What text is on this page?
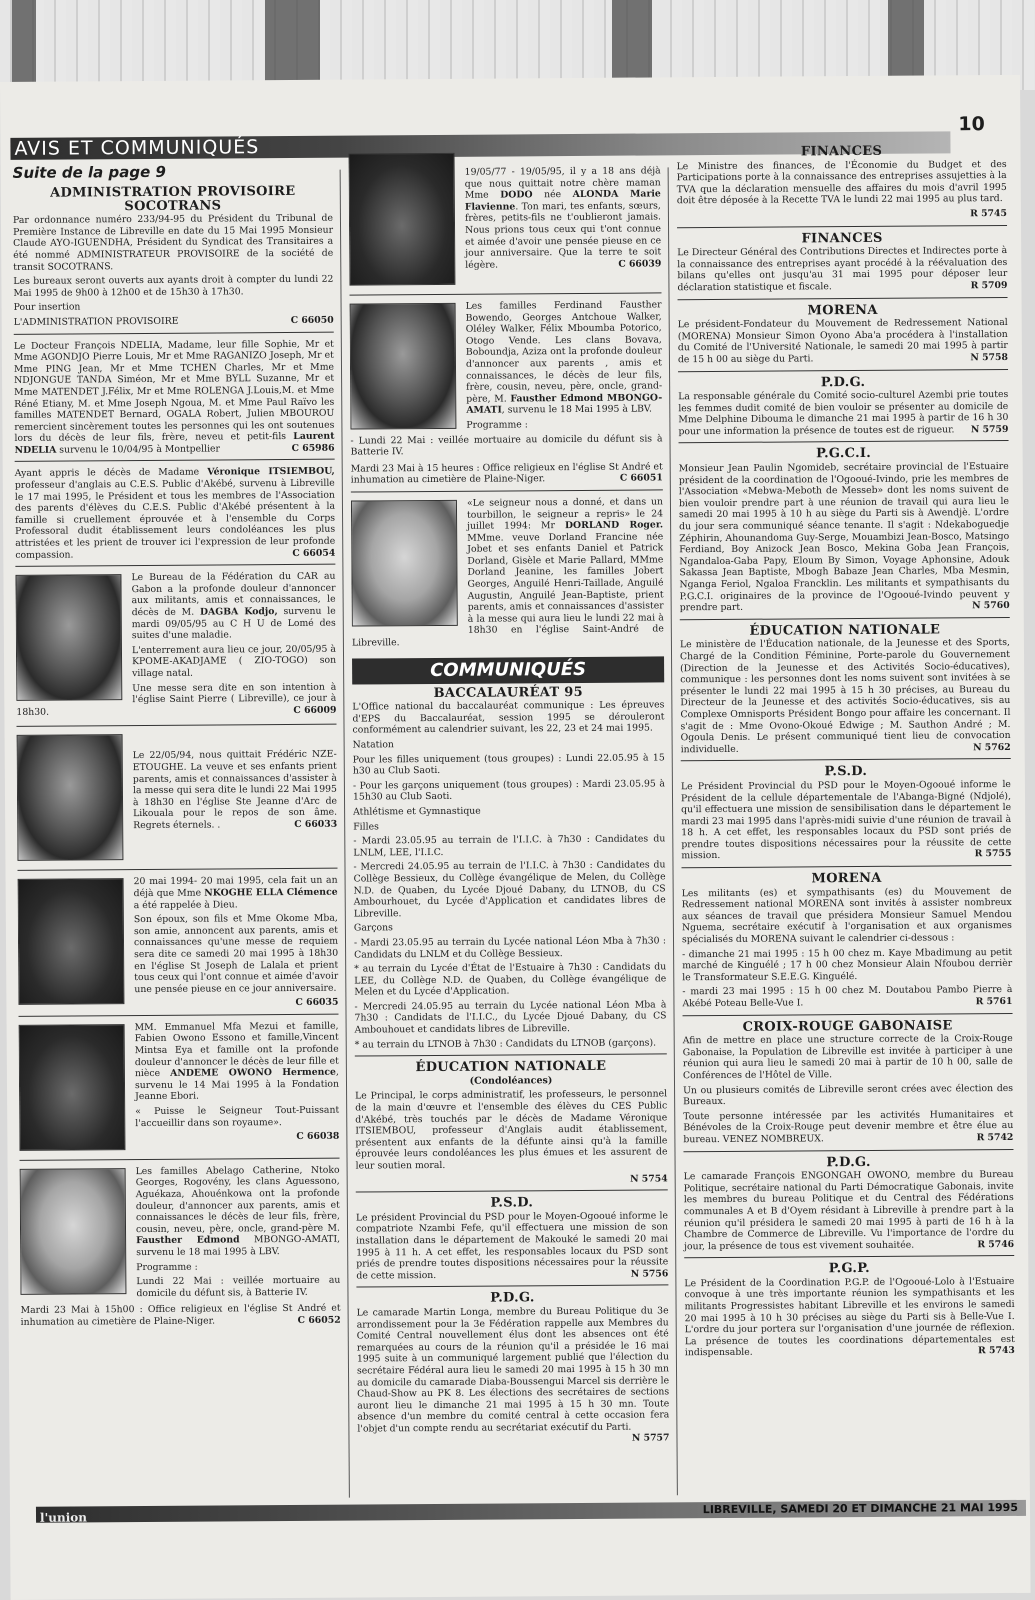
10
AVIS ET COMMUNIQUÉS
Suite de la page 9
ADMINISTRATION PROVISOIRE
SOCOTRANS

Par ordonnance numéro 233/94-95 du Président du Tribunal de Première Instance de Libreville en date du 15 Mai 1995 Monsieur Claude AYO-IGUENDHA, Président du Syndicat des Transitaires a été nommé ADMINISTRATEUR PROVISOIRE de la société de transit SOCOTRANS.

Les bureaux seront ouverts aux ayants droit à compter du lundi 22 Mai 1995 de 9h00 à 12h00 et de 15h30 à 17h30.

Pour insertion

C 66050
L'ADMINISTRATION PROVISOIRE

Le Docteur François NDELIA, Madame, leur fille Sophie, Mr et Mme AGONDJO Pierre Louis, Mr et Mme RAGANIZO Joseph, Mr et Mme PING Jean, Mr et Mme TCHEN Charles, Mr et Mme NDJONGUE TANDA Siméon, Mr et Mme BYLL Suzanne, Mr et Mme MATENDET J.Félix, Mr et Mme ROLENGA J.Louis,M. et Mme Réné Etiany, M. et Mme Joseph Ngoua, M. et Mme Paul Raïvo les familles MATENDET Bernard, OGALA Robert, Julien MBOUROU remercient sincèrement toutes les personnes qui les ont soutenues lors du décès de leur fils, frère, neveu et petit-fils Laurent NDELIA survenu le 10/04/95 à Montpellier	C 65986

Ayant appris le décès de Madame Véronique ITSIEMBOU, professeur d'anglais au C.E.S. Public d'Akébé, survenu à Libreville le 17 mai 1995, le Président et tous les membres de l'Association des parents d'élèves du C.E.S. Public d'Akébé présentent à la famille si cruellement éprouvée et à l'ensemble du Corps Professoral dudit établissement leurs condoléances les plus attristées et les prient de trouver ici l'expression de leur profonde compassion.	C 66054

Le Bureau de la Fédération du CAR au Gabon a la profonde douleur d'annoncer aux militants, amis et connaissances, le décès de M. DAGBA Kodjo, survenu le mardi 09/05/95 au C H U de Lomé des suites d'une maladie.

L'enterrement aura lieu ce jour, 20/05/95 à KPOME-AKADJAME ( ZIO-TOGO) son village natal.

Une messe sera dite en son intention à l'église Saint Pierre ( Libreville), ce jour à 18h30.	C 66009

Le 22/05/94, nous quittait Frédéric NZE-ETOUGHE. La veuve et ses enfants prient parents, amis et connaissances d'assister à la messe qui sera dite le lundi 22 Mai 1995 à 18h30 en l'église Ste Jeanne d'Arc de Likouala pour le repos de son âme. Regrets éternels. .	C 66033

20 mai 1994- 20 mai 1995, cela fait un an déjà que Mme NKOGHE ELLA Clémence a été rappelée à Dieu.

Son époux, son fils et Mme Okome Mba, son amie, annoncent aux parents, amis et connaissances qu'une messe de requiem sera dite ce samedi 20 mai 1995 à 18h30 en l'église St Joseph de Lalala et prient tous ceux qui l'ont connue et aimée d'avoir une pensée pieuse en ce jour anniversaire.

C 66035

MM. Emmanuel Mfa Mezui et famille, Fabien Owono Essono et famille,Vincent Mintsa Eya et famille ont la profonde douleur d'annoncer le décès de leur fille et nièce ANDEME OWONO Hermence, survenu le 14 Mai 1995 à la Fondation Jeanne Ebori.

« Puisse le Seigneur Tout-Puissant l'accueillir dans son royaume».

C 66038

Les familles Abelago Catherine, Ntoko Georges, Rogovény, les clans Aguessono, Aguékaza, Ahouénkowa ont la profonde douleur, d'annoncer aux parents, amis et connaissances le décès de leur fils, frère, cousin, neveu, père, oncle, grand-père M. Fausther Edmond MBONGO-AMATI, survenu le 18 mai 1995 à LBV.

Programme :

Lundi 22 Mai : veillée mortuaire au domicile du défunt sis, à Batterie IV.

Mardi 23 Mai à 15h00 : Office religieux en l'église St André et inhumation au cimetière de Plaine-Niger.	C 66052

19/05/77 - 19/05/95, il y a 18 ans déjà que nous quittait notre chère maman Mme DODO née ALONDA Marie Flavienne. Ton mari, tes enfants, sœurs, frères, petits-fils ne t'oublieront jamais. Nous prions tous ceux qui t'ont connue et aimée d'avoir une pensée pieuse en ce jour anniversaire. Que la terre te soit légère.	C 66039

Les familles Ferdinand Fausther Bowendo, Georges Antchoue Walker, Oléley Walker, Félix Mboumba Potorico, Otogo Vende. Les clans Bovava, Boboundja, Aziza ont la profonde douleur d'annoncer aux parents , amis et connaissances, le décès de leur fils, frère, cousin, neveu, père, oncle, grand-père, M. Fausther Edmond MBONGO-AMATI, survenu le 18 Mai 1995 à LBV.

Programme :

- Lundi 22 Mai : veillée mortuaire au domicile du défunt sis à Batterie IV.

Mardi 23 Mai à 15 heures : Office religieux en l'église St André et inhumation au cimetière de Plaine-Niger.	C 66051

«Le seigneur nous a donné, et dans un tourbillon, le seigneur a repris» le 24 juillet 1994: Mr DORLAND Roger. MMme. veuve Dorland Francine née Jobet et ses enfants Daniel et Patrick Dorland, Gisèle et Marie Pallard, MMme Dorland Jeanine, les familles Jobert Georges, Anguilé Henri-Taillade, Anguilé Augustin, Anguilé Jean-Baptiste, prient parents, amis et connaissances d'assister à la messe qui aura lieu le lundi 22 mai à 18h30 en l'église Saint-André de Libreville.

COMMUNIQUÉS
BACCALAURÉAT 95

L'Office national du baccalauréat communique : Les épreuves d'EPS du Baccalauréat, session 1995 se dérouleront conformément au calendrier suivant, les 22, 23 et 24 mai 1995.

Natation

Pour les filles uniquement (tous groupes) : Lundi 22.05.95 à 15 h30 au Club Saoti.

- Pour les garçons uniquement (tous groupes) : Mardi 23.05.95 à 15h30 au Club Saoti.

Athlétisme et Gymnastique

Filles

- Mardi 23.05.95 au terrain de l'I.I.C. à 7h30 : Candidates du LNLM, LEE, l'I.I.C.

- Mercredi 24.05.95 au terrain de l'I.I.C. à 7h30 : Candidates du Collège Bessieux, du Collège évangélique de Melen, du Collège N.D. de Quaben, du Lycée Djoué Dabany, du LTNOB, du CS Ambourhouet, du Lycée d'Application et candidates libres de Libreville.

Garçons

- Mardi 23.05.95 au terrain du Lycée national Léon Mba à 7h30 : Candidats du LNLM et du Collège Bessieux.

* au terrain du Lycée d'État de l'Estuaire à 7h30 : Candidats du LEE, du Collège N.D. de Quaben, du Collège évangélique de Melen et du Lycée d'Application.

- Mercredi 24.05.95 au terrain du Lycée national Léon Mba à 7h30 : Candidats de l'I.I.C., du Lycée Djoué Dabany, du CS Ambouhouet et candidats libres de Libreville.

* au terrain du LTNOB à 7h30 : Candidats du LTNOB (garçons).

ÉDUCATION NATIONALE
(Condoléances)

Le Principal, le corps administratif, les professeurs, le personnel de la main d'œuvre et l'ensemble des élèves du CES Public d'Akébé, très touchés par le décès de Madame Véronique ITSIEMBOU, professeur d'Anglais audit établissement, présentent aux enfants de la défunte ainsi qu'à la famille éprouvée leurs condoléances les plus émues et les assurent de leur soutien moral.

N 5754

P.S.D.

Le président Provincial du PSD pour le Moyen-Ogooué informe le compatriote Nzambi Fefe, qu'il effectuera une mission de son installation dans le département de Makouké le samedi 20 mai 1995 à 11 h. A cet effet, les responsables locaux du PSD sont priés de prendre toutes dispositions nécessaires pour la réussite de cette mission.	N 5756

P.D.G.

Le camarade Martin Longa, membre du Bureau Politique du 3e arrondissement pour la 3e Fédération rappelle aux Membres du Comité Central nouvellement élus dont les absences ont été remarquées au cours de la réunion qu'il a présidée le 16 mai 1995 suite à un communiqué largement publié que l'élection du secrétaire Fédéral aura lieu le samedi 20 mai 1995 à 15 h 30 mn au domicile du camarade Diaba-Boussengui Marcel sis derrière le Chaud-Show au PK 8. Les élections des secrétaires de sections auront lieu le dimanche 21 mai 1995 à 15 h 30 mn. Toute absence d'un membre du comité central à cette occasion fera l'objet d'un compte rendu au secrétariat exécutif du Parti.
N 5757

FINANCES

Le Ministre des finances, de l'Économie du Budget et des Participations porte à la connaissance des entreprises assujetties à la TVA que la déclaration mensuelle des affaires du mois d'avril 1995 doit être déposée à la Recette TVA le lundi 22 mai 1995 au plus tard.

R 5745

FINANCES

Le Directeur Général des Contributions Directes et Indirectes porte à la connaissance des entreprises ayant procédé à la réévaluation des bilans qu'elles ont jusqu'au 31 mai 1995 pour déposer leur déclaration statistique et fiscale.	R 5709

MORENA

Le président-Fondateur du Mouvement de Redressement National (MORENA) Monsieur Simon Oyono Aba'a procédera à l'installation du Comité de l'Université Nationale, le samedi 20 mai 1995 à partir de 15 h 00 au siège du Parti.	N 5758

P.D.G.

La responsable générale du Comité socio-culturel Azembi prie toutes les femmes dudit comité de bien vouloir se présenter au domicile de Mme Delphine Dibouma le dimanche 21 mai 1995 à partir de 16 h 30 pour une information la présence de toutes est de rigueur. N 5759

P.G.C.I.

Monsieur Jean Paulin Ngomideb, secrétaire provincial de l'Estuaire président de la coordination de l'Ogooué-Ivindo, prie les membres de l'Association «Mebwa-Meboth de Messeb» dont les noms suivent de bien vouloir prendre part à une réunion de travail qui aura lieu le samedi 20 mai 1995 à 10 h au siège du Parti sis à Awendjè. L'ordre du jour sera communiqué séance tenante. Il s'agit : Ndekaboguedje Zéphirin, Ahounandoma Guy-Serge, Mouambizi Jean-Bosco, Matsingo Ferdiand, Boy Anizock Jean Bosco, Mekina Goba Jean François, Ngandaloa-Gaba Papy, Eloum By Simon, Voyage Aphonsine, Adouk Sakassa Jean Baptiste, Mbogh Babaze Jean Charles, Mba Mesmin, Nganga Feriol, Ngaloa Francklin. Les militants et sympathisants du P.G.C.I. originaires de la province de l'Ogooué-Ivindo peuvent y prendre part.	N 5760

ÉDUCATION NATIONALE

Le ministère de l'Éducation nationale, de la Jeunesse et des Sports, Chargé de la Condition Féminine, Porte-parole du Gouvernement (Direction de la Jeunesse et des Activités Socio-éducatives), communique : les personnes dont les noms suivent sont invitées à se présenter le lundi 22 mai 1995 à 15 h 30 précises, au Bureau du Directeur de la Jeunesse et des activités Socio-éducatives, sis au Complexe Omnisports Président Bongo pour affaire les concernant. Il s'agit de : Mme Ovono-Okoué Edwige ; M. Sauthon André ; M. Ogoula Denis. Le présent communiqué tient lieu de convocation individuelle.	N 5762

P.S.D.

Le Président Provincial du PSD pour le Moyen-Ogooué informe le Président de la cellule départementale de l'Abanga-Bigné (Ndjolé), qu'il effectuera une mission de sensibilisation dans le département le mardi 23 mai 1995 dans l'après-midi suivie d'une réunion de travail à 18 h. A cet effet, les responsables locaux du PSD sont priés de prendre toutes dispositions nécessaires pour la réussite de cette mission.	R 5755

MORENA

Les militants (es) et sympathisants (es) du Mouvement de Redressement national MORENA sont invités à assister nombreux aux séances de travail que présidera Monsieur Samuel Mendou Nguema, secrétaire exécutif à l'organisation et aux organismes spécialisés du MORENA suivant le calendrier ci-dessous :

- dimanche 21 mai 1995 : 15 h 00 chez m. Kaye Mbadimung au petit marché de Kinguélé ; 17 h 00 chez Monsieur Alain Nfoubou derrièr le Transformateur S.E.E.G. Kinguélé.

- mardi 23 mai 1995 : 15 h 00 chez M. Doutabou Pambo Pierre à Akébé Poteau Belle-Vue I.	R 5761

CROIX-ROUGE GABONAISE

Afin de mettre en place une structure correcte de la Croix-Rouge Gabonaise, la Population de Libreville est invitée à participer à une réunion qui aura lieu le samedi 20 mai à partir de 10 h 00, salle de Conférences de l'Hôtel de Ville.

Un ou plusieurs comités de Libreville seront crées avec élection des Bureaux.

Toute personne intéressée par les activités Humanitaires et Bénévoles de la Croix-Rouge peut devenir membre et être élue au bureau. VENEZ NOMBREUX.	R 5742

P.D.G.

Le camarade François ENGONGAH OWONO, membre du Bureau Politique, secrétaire national du Parti Démocratique Gabonais, invite les membres du bureau Politique et du Central des Fédérations communales A et B d'Oyem résidant à Libreville à prendre part à la réunion qu'il présidera le samedi 20 mai 1995 à parti de 16 h à la Chambre de Commerce de Libreville. Vu l'importance de l'ordre du jour, la présence de tous est vivement souhaitée.	R 5746

P.G.P.

Le Président de la Coordination P.G.P. de l'Ogooué-Lolo à l'Estuaire convoque à une très importante réunion les sympathisants et les militants Progressistes habitant Libreville et les environs le samedi 20 mai 1995 à 10 h 30 précises au siège du Parti sis à Belle-Vue I. L'ordre du jour portera sur l'organisation d'une journée de réflexion. La présence de toutes les coordinations départementales est indispensable.	R 5743

l'union
LIBREVILLE, SAMEDI 20 ET DIMANCHE 21 MAI 1995
